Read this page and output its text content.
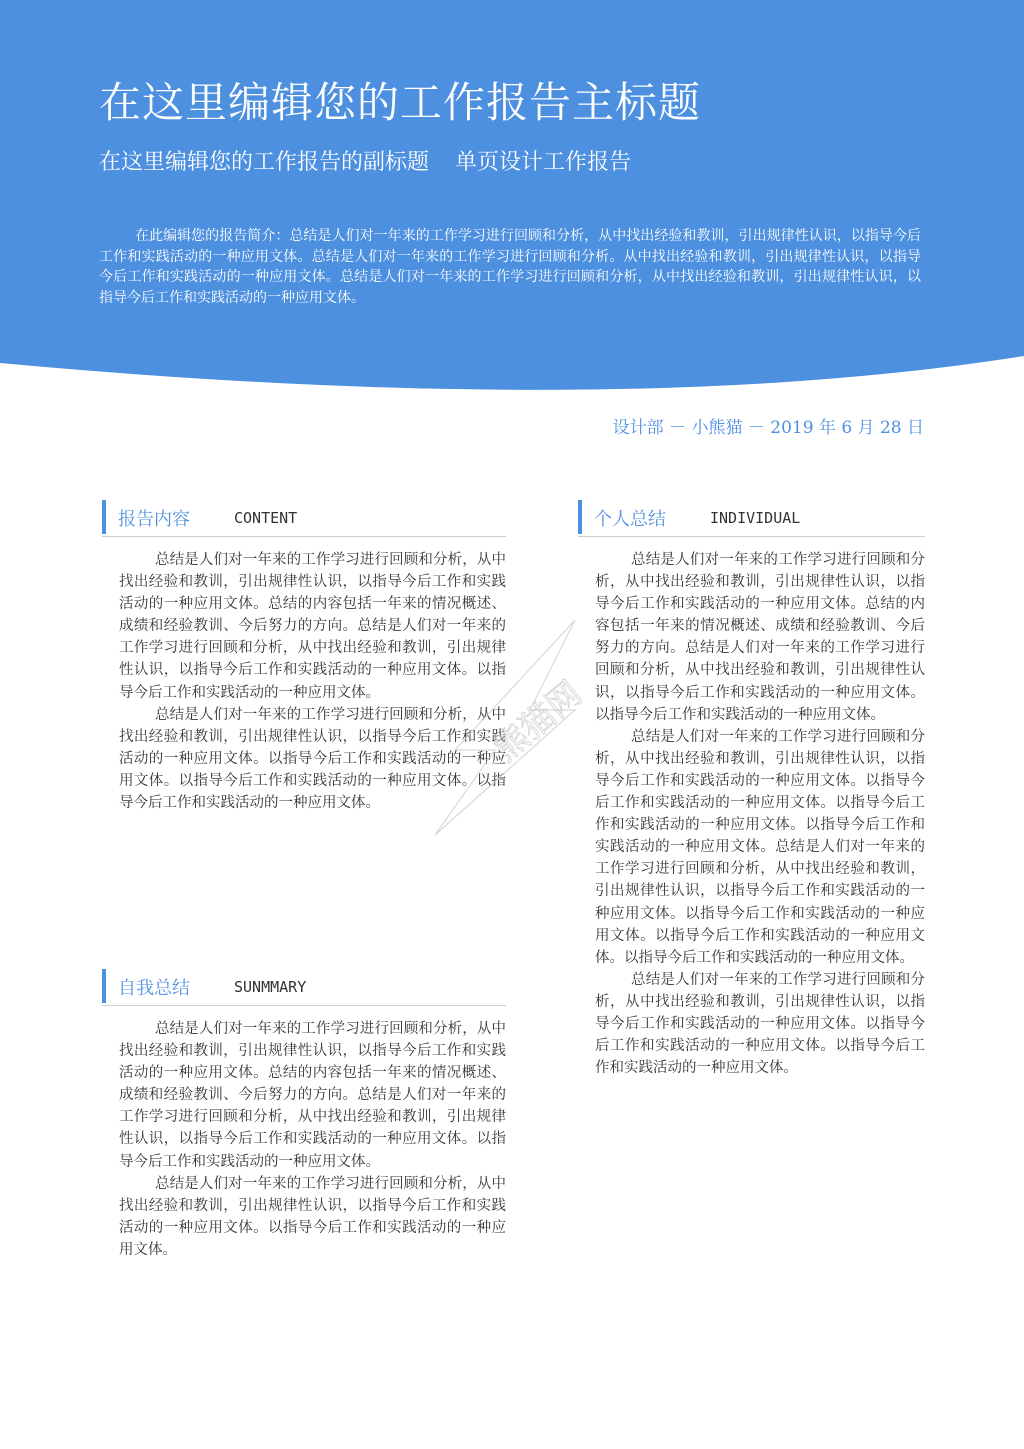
在这里编辑您的工作报告主标题
在这里编辑您的工作报告的副标题 单页设计工作报告

在此编辑您的报告简介：总结是人们对一年来的工作学习进行回顾和分析，从中找出经验和教训，引出规律性认识，以指导今后工作和实践活动的一种应用文体。总结是人们对一年来的工作学习进行回顾和分析。从中找出经验和教训，引出规律性认识，以指导今后工作和实践活动的一种应用文体。总结是人们对一年来的工作学习进行回顾和分析，从中找出经验和教训，引出规律性认识，以指导今后工作和实践活动的一种应用文体。

设计部 － 小熊猫 － 2019 年 6 月 28 日
报告内容	CONTENT

总结是人们对一年来的工作学习进行回顾和分析，从中找出经验和教训，引出规律性认识，以指导今后工作和实践活动的一种应用文体。总结的内容包括一年来的情况概述、成绩和经验教训、今后努力的方向。总结是人们对一年来的工作学习进行回顾和分析，从中找出经验和教训，引出规律性认识，以指导今后工作和实践活动的一种应用文体。以指导今后工作和实践活动的一种应用文体。

总结是人们对一年来的工作学习进行回顾和分析，从中找出经验和教训，引出规律性认识，以指导今后工作和实践活动的一种应用文体。以指导今后工作和实践活动的一种应用文体。以指导今后工作和实践活动的一种应用文体。以指导今后工作和实践活动的一种应用文体。

自我总结	SUNMMARY

总结是人们对一年来的工作学习进行回顾和分析，从中找出经验和教训，引出规律性认识，以指导今后工作和实践活动的一种应用文体。总结的内容包括一年来的情况概述、成绩和经验教训、今后努力的方向。总结是人们对一年来的工作学习进行回顾和分析，从中找出经验和教训，引出规律性认识，以指导今后工作和实践活动的一种应用文体。以指导今后工作和实践活动的一种应用文体。

总结是人们对一年来的工作学习进行回顾和分析，从中找出经验和教训，引出规律性认识，以指导今后工作和实践活动的一种应用文体。以指导今后工作和实践活动的一种应用文体。

个人总结	INDIVIDUAL

总结是人们对一年来的工作学习进行回顾和分析，从中找出经验和教训，引出规律性认识，以指导今后工作和实践活动的一种应用文体。总结的内容包括一年来的情况概述、成绩和经验教训、今后努力的方向。总结是人们对一年来的工作学习进行回顾和分析，从中找出经验和教训，引出规律性认识，以指导今后工作和实践活动的一种应用文体。以指导今后工作和实践活动的一种应用文体。

总结是人们对一年来的工作学习进行回顾和分析，从中找出经验和教训，引出规律性认识，以指导今后工作和实践活动的一种应用文体。以指导今后工作和实践活动的一种应用文体。以指导今后工作和实践活动的一种应用文体。以指导今后工作和实践活动的一种应用文体。总结是人们对一年来的工作学习进行回顾和分析，从中找出经验和教训，引出规律性认识，以指导今后工作和实践活动的一种应用文体。以指导今后工作和实践活动的一种应用文体。以指导今后工作和实践活动的一种应用文体。以指导今后工作和实践活动的一种应用文体。

总结是人们对一年来的工作学习进行回顾和分析，从中找出经验和教训，引出规律性认识，以指导今后工作和实践活动的一种应用文体。以指导今后工作和实践活动的一种应用文体。以指导今后工作和实践活动的一种应用文体。

熊猫网
